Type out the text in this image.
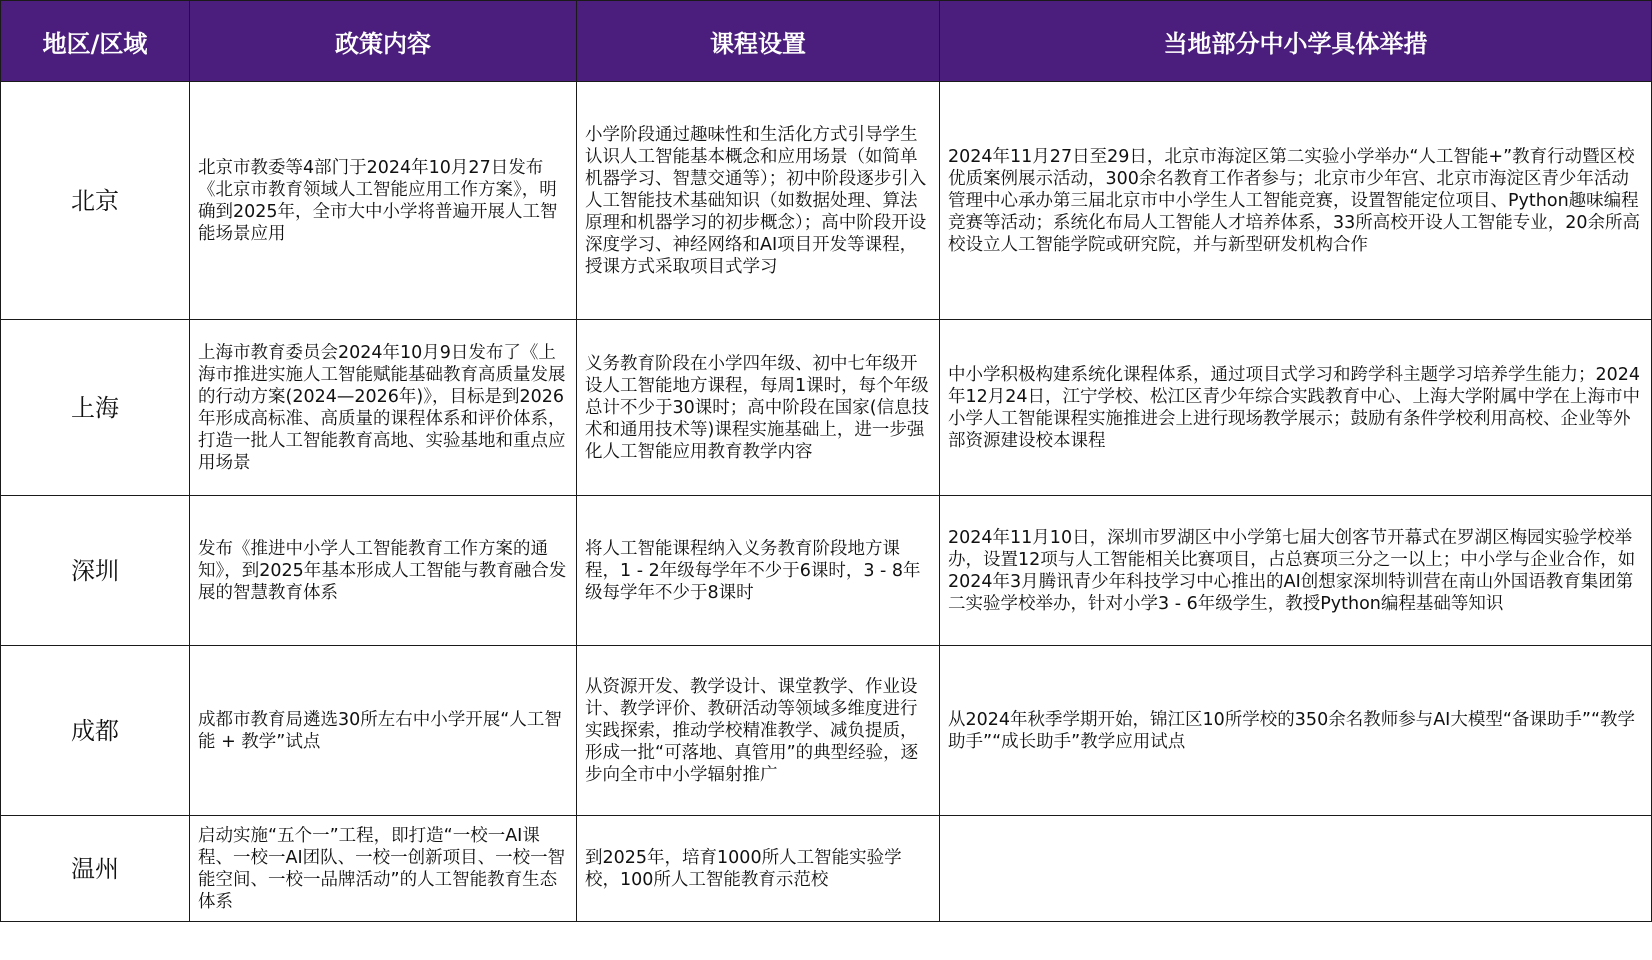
地区/区域	政策内容	课程设置	当地部分中小学具体举措
北京	北京市教委等4部门于2024年10月27日发布《北京市教育领域人工智能应用工作方案》，明确到2025年，全市大中小学将普遍开展人工智能场景应用	小学阶段通过趣味性和生活化方式引导学生认识人工智能基本概念和应用场景（如简单机器学习、智慧交通等）；初中阶段逐步引入人工智能技术基础知识（如数据处理、算法原理和机器学习的初步概念）；高中阶段开设深度学习、神经网络和AI项目开发等课程，授课方式采取项目式学习	2024年11月27日至29日，北京市海淀区第二实验小学举办“人工智能+”教育行动暨区校优质案例展示活动，300余名教育工作者参与；北京市少年宫、北京市海淀区青少年活动管理中心承办第三届北京市中小学生人工智能竞赛，设置智能定位项目、Python趣味编程竞赛等活动；系统化布局人工智能人才培养体系，33所高校开设人工智能专业，20余所高校设立人工智能学院或研究院，并与新型研发机构合作
上海	上海市教育委员会2024年10月9日发布了《上海市推进实施人工智能赋能基础教育高质量发展的行动方案(2024—2026年)》，目标是到2026年形成高标准、高质量的课程体系和评价体系，打造一批人工智能教育高地、实验基地和重点应用场景	义务教育阶段在小学四年级、初中七年级开设人工智能地方课程，每周1课时，每个年级总计不少于30课时；高中阶段在国家(信息技术和通用技术等)课程实施基础上，进一步强化人工智能应用教育教学内容	中小学积极构建系统化课程体系，通过项目式学习和跨学科主题学习培养学生能力；2024年12月24日，江宁学校、松江区青少年综合实践教育中心、上海大学附属中学在上海市中小学人工智能课程实施推进会上进行现场教学展示；鼓励有条件学校利用高校、企业等外部资源建设校本课程
深圳	发布《推进中小学人工智能教育工作方案的通知》，到2025年基本形成人工智能与教育融合发展的智慧教育体系	将人工智能课程纳入义务教育阶段地方课程，1 - 2年级每学年不少于6课时，3 - 8年级每学年不少于8课时	2024年11月10日，深圳市罗湖区中小学第七届大创客节开幕式在罗湖区梅园实验学校举办，设置12项与人工智能相关比赛项目，占总赛项三分之一以上；中小学与企业合作，如2024年3月腾讯青少年科技学习中心推出的AI创想家深圳特训营在南山外国语教育集团第二实验学校举办，针对小学3 - 6年级学生，教授Python编程基础等知识
成都	成都市教育局遴选30所左右中小学开展“人工智能 + 教学”试点	从资源开发、教学设计、课堂教学、作业设计、教学评价、教研活动等领域多维度进行实践探索，推动学校精准教学、减负提质，形成一批“可落地、真管用”的典型经验，逐步向全市中小学辐射推广	从2024年秋季学期开始，锦江区10所学校的350余名教师参与AI大模型“备课助手”“教学助手”“成长助手”教学应用试点
温州	启动实施“五个一”工程，即打造“一校一AI课程、一校一AI团队、一校一创新项目、一校一智能空间、一校一品牌活动”的人工智能教育生态体系	到2025年，培育1000所人工智能实验学校，100所人工智能教育示范校	
